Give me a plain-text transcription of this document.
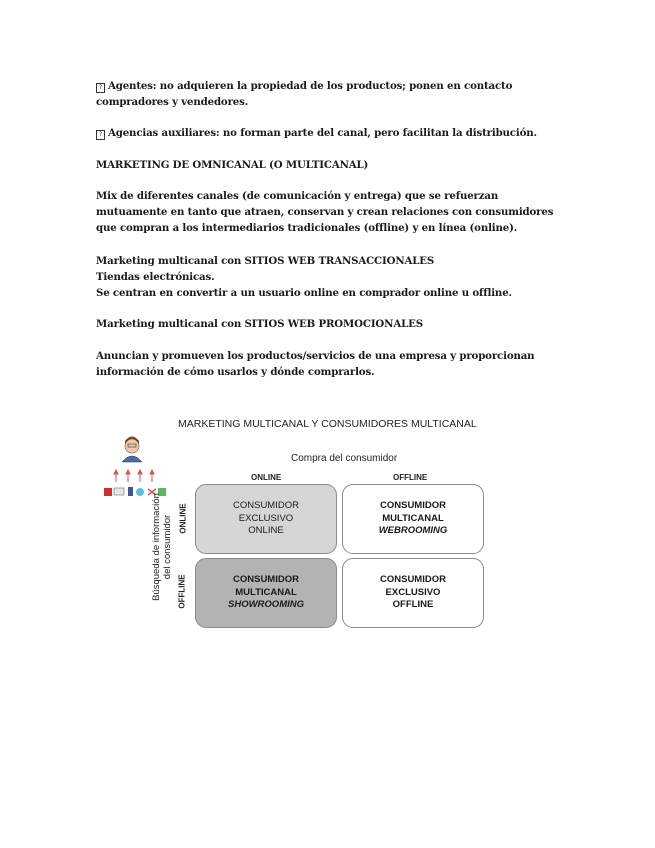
? Agentes: no adquieren la propiedad de los productos; ponen en contacto compradores y vendedores.

? Agencias auxiliares: no forman parte del canal, pero facilitan la distribución.

MARKETING DE OMNICANAL (O MULTICANAL)

Mix de diferentes canales (de comunicación y entrega) que se refuerzan mutuamente en tanto que atraen, conservan y crean relaciones con consumidores que compran a los intermediarios tradicionales (offline) y en línea (online).

Marketing multicanal con SITIOS WEB TRANSACCIONALES

Tiendas electrónicas.

Se centran en convertir a un usuario online en comprador online u offline.

Marketing multicanal con SITIOS WEB PROMOCIONALES

Anuncian y promueven los productos/servicios de una empresa y proporcionan información de cómo usarlos y dónde comprarlos.

MARKETING MULTICANAL Y CONSUMIDORES MULTICANAL
Compra del consumidor
ONLINE	OFFLINE
ONLINE
OFFLINE
Búsqueda de información del consumidor
CONSUMIDOR
EXCLUSIVO
ONLINE
CONSUMIDOR
MULTICANAL
WEBROOMING
CONSUMIDOR
MULTICANAL
SHOWROOMING
CONSUMIDOR
EXCLUSIVO
OFFLINE
